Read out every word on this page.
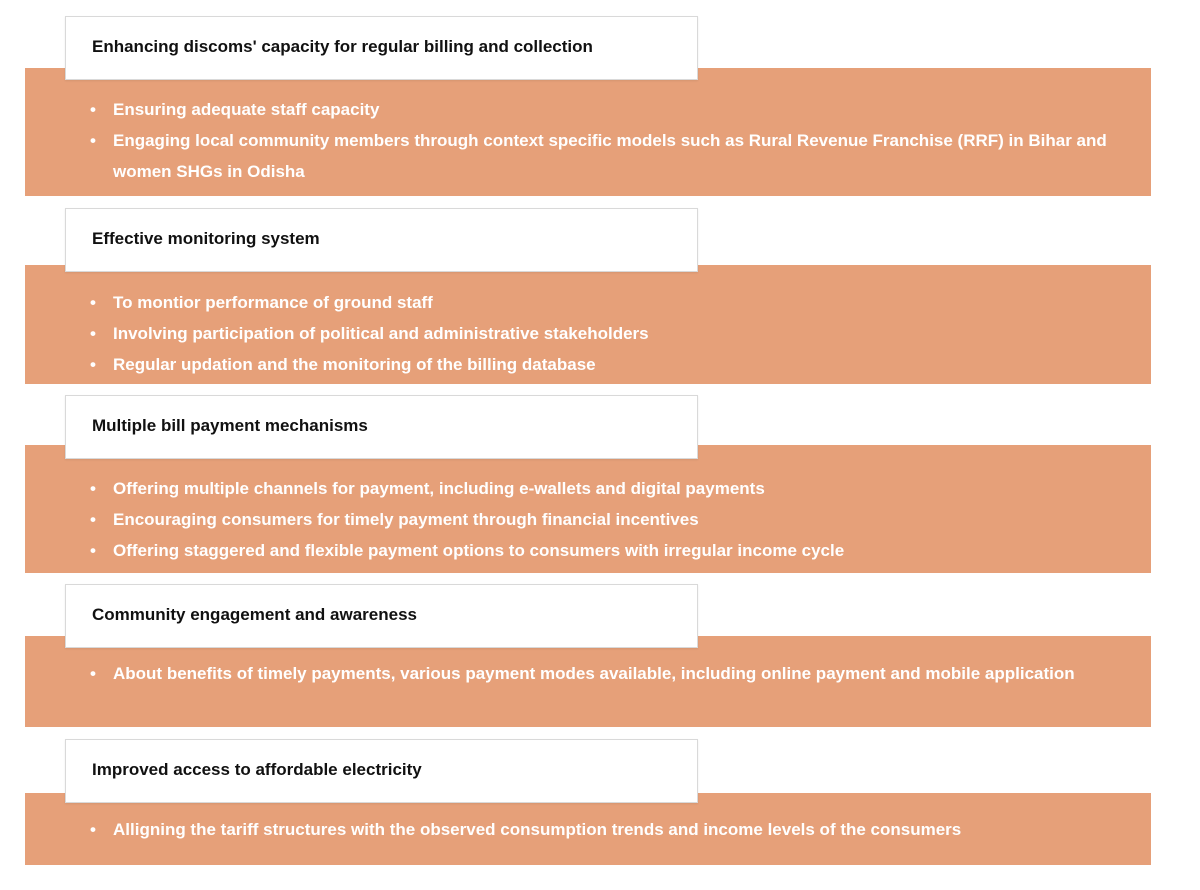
• Ensuring adequate staff capacity
• Engaging local community members through context specific models such as Rural Revenue Franchise (RRF) in Bihar and women SHGs in Odisha
Enhancing discoms' capacity for regular billing and collection
• To montior performance of ground staff
• Involving participation of political and administrative stakeholders
• Regular updation and the monitoring of the billing database
Effective monitoring system
• Offering multiple channels for payment, including e-wallets and digital payments
• Encouraging consumers for timely payment through financial incentives
• Offering staggered and flexible payment options to consumers with irregular income cycle
Multiple bill payment mechanisms
• About benefits of timely payments, various payment modes available, including online payment and mobile application
Community engagement and awareness
• Alligning the tariff structures with the observed consumption trends and income levels of the consumers
Improved access to affordable electricity
